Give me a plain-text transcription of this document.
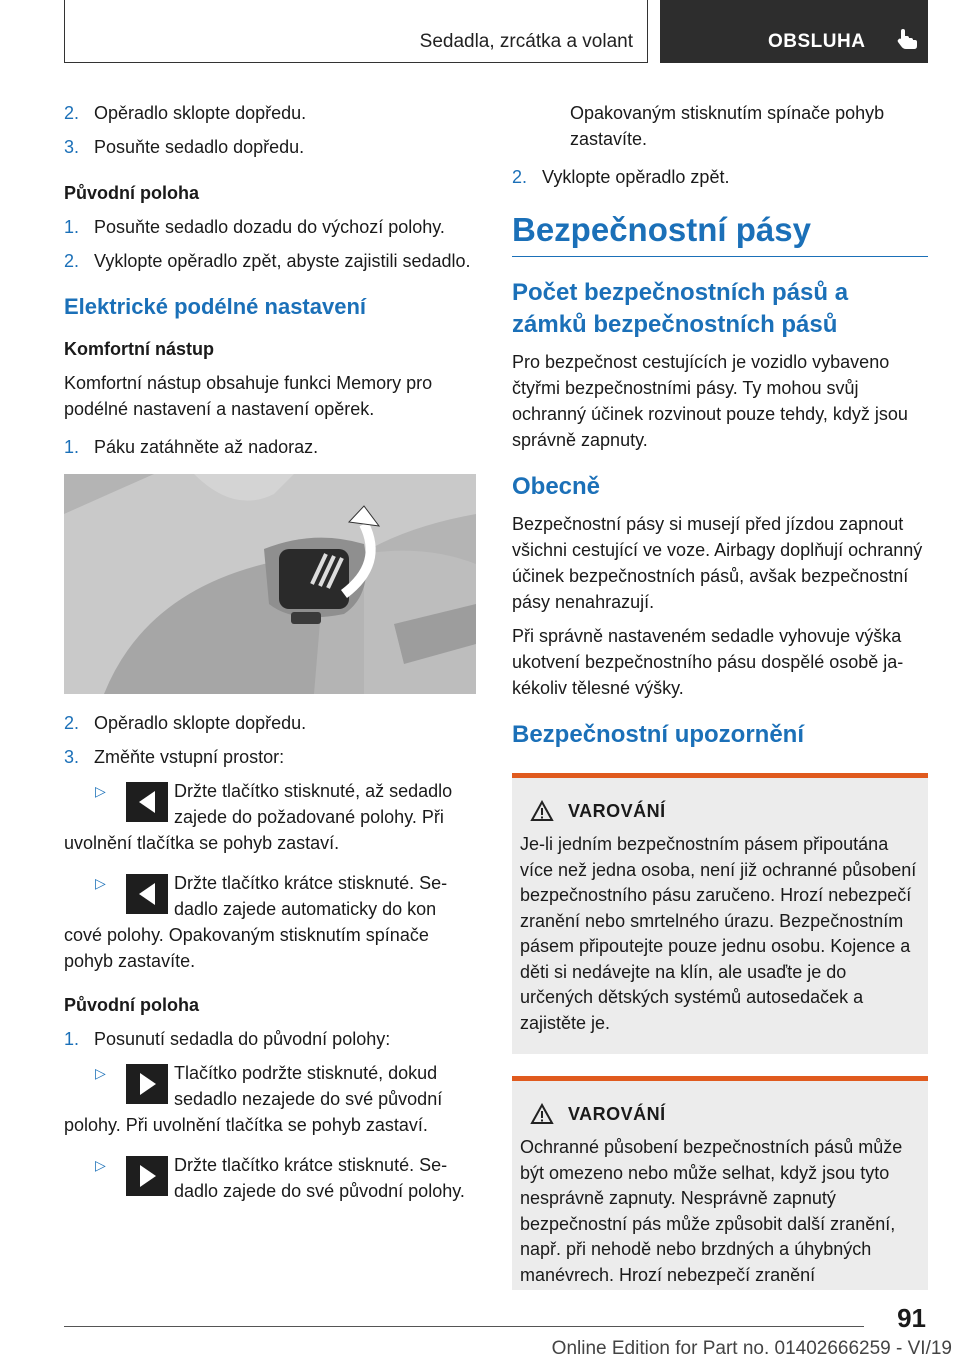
Sedadla, zrcátka a volant	OBSLUHA
2. Opěradlo sklopte dopředu.
3. Posuňte sedadlo dopředu.
Původní poloha
1. Posuňte sedadlo dozadu do výchozí polohy.
2. Vyklopte opěradlo zpět, abyste zajistili sedadlo.
Elektrické podélné nastavení
Komfortní nástup

Komfortní nástup obsahuje funkci Memory pro podélné nastavení a nastavení opěrek.

1. Páku zatáhněte až nadoraz.
2. Opěradlo sklopte dopředu.
3. Změňte vstupní prostor:
▷	Držte tlačítko stisknuté, až sedadlo zajede do požadované polohy. Při
uvolnění tlačítka se pohyb zastaví.
▷	Držte tlačítko krátce stisknuté. Sedadlo zajede automaticky do kon
cové polohy. Opakovaným stisknutím spínače pohyb zastavíte.
Původní poloha
1. Posunutí sedadla do původní polohy:
▷	Tlačítko podržte stisknuté, dokud sedadlo nezajede do své původní
polohy. Při uvolnění tlačítka se pohyb zastaví.
▷	Držte tlačítko krátce stisknuté. Sedadlo zajede do své původní polohy.

Opakovaným stisknutím spínače pohyb zastavíte.

2. Vyklopte opěradlo zpět.
Bezpečnostní pásy
Počet bezpečnostních pásů a zámků bezpečnostních pásů

Pro bezpečnost cestujících je vozidlo vybaveno čtyřmi bezpečnostními pásy. Ty mohou svůj ochranný účinek rozvinout pouze tehdy, když jsou správně zapnuty.

Obecně

Bezpečnostní pásy si musejí před jízdou zapnout všichni cestující ve voze. Airbagy doplňují ochranný účinek bezpečnostních pásů, avšak bezpečnostní pásy nenahrazují.

Při správně nastaveném sedadle vyhovuje výška ukotvení bezpečnostního pásu dospělé osobě jakékoliv tělesné výšky.

Bezpečnostní upozornění
VAROVÁNÍ

Je-li jedním bezpečnostním pásem připoutána více než jedna osoba, není již ochranné působení bezpečnostního pásu zaručeno. Hrozí nebezpečí zranění nebo smrtelného úrazu. Bezpečnostním pásem připoutejte pouze jednu osobu. Kojence a děti si nedávejte na klín, ale usaďte je do určených dětských systémů autosedaček a zajistěte je.

VAROVÁNÍ

Ochranné působení bezpečnostních pásů může být omezeno nebo může selhat, když jsou tyto nesprávně zapnuty. Nesprávně zapnutý bezpečnostní pás může způsobit další zranění, např. při nehodě nebo brzdných a úhybných manévrech. Hrozí nebezpečí zranění

91
Online Edition for Part no. 01402666259 - VI/19
